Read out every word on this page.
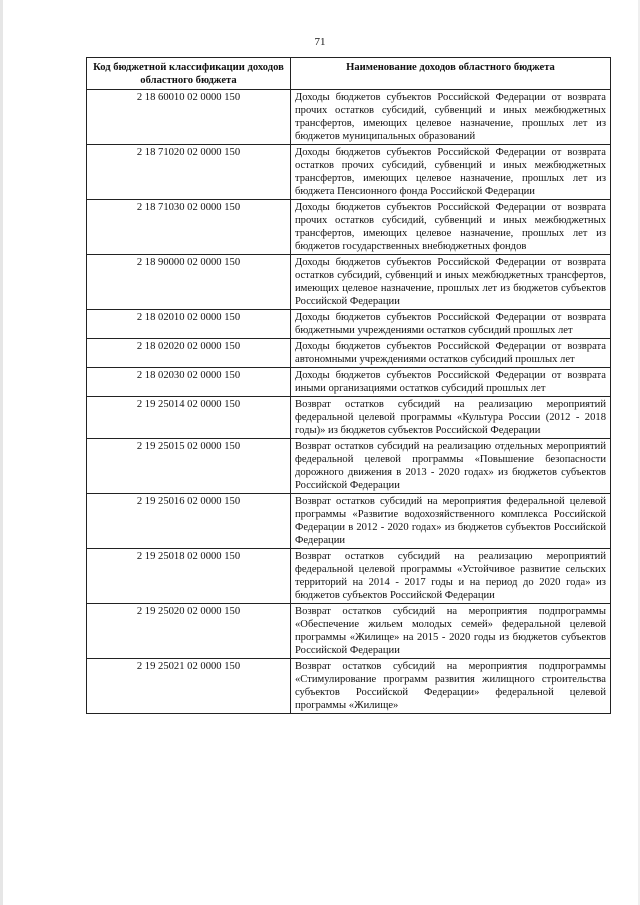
71
Код бюджетной классификации доходов областного бюджета	Наименование доходов областного бюджета
2 18 60010 02 0000 150	Доходы бюджетов субъектов Российской Федерации от возврата прочих остатков субсидий, субвенций и иных межбюджетных трансфертов, имеющих целевое назначение, прошлых лет из бюджетов муниципальных образований
2 18 71020 02 0000 150	Доходы бюджетов субъектов Российской Федерации от возврата остатков прочих субсидий, субвенций и иных межбюджетных трансфертов, имеющих целевое назначение, прошлых лет из бюджета Пенсионного фонда Российской Федерации
2 18 71030 02 0000 150	Доходы бюджетов субъектов Российской Федерации от возврата прочих остатков субсидий, субвенций и иных межбюджетных трансфертов, имеющих целевое назначение, прошлых лет из бюджетов государственных внебюджетных фондов
2 18 90000 02 0000 150	Доходы бюджетов субъектов Российской Федерации от возврата остатков субсидий, субвенций и иных межбюджетных трансфертов, имеющих целевое назначение, прошлых лет из бюджетов субъектов Российской Федерации
2 18 02010 02 0000 150	Доходы бюджетов субъектов Российской Федерации от возврата бюджетными учреждениями остатков субсидий прошлых лет
2 18 02020 02 0000 150	Доходы бюджетов субъектов Российской Федерации от возврата автономными учреждениями остатков субсидий прошлых лет
2 18 02030 02 0000 150	Доходы бюджетов субъектов Российской Федерации от возврата иными организациями остатков субсидий прошлых лет
2 19 25014 02 0000 150	Возврат остатков субсидий на реализацию мероприятий федеральной целевой программы «Культура России (2012 - 2018 годы)» из бюджетов субъектов Российской Федерации
2 19 25015 02 0000 150	Возврат остатков субсидий на реализацию отдельных мероприятий федеральной целевой программы «Повышение безопасности дорожного движения в 2013 - 2020 годах» из бюджетов субъектов Российской Федерации
2 19 25016 02 0000 150	Возврат остатков субсидий на мероприятия федеральной целевой программы «Развитие водохозяйственного комплекса Российской Федерации в 2012 - 2020 годах» из бюджетов субъектов Российской Федерации
2 19 25018 02 0000 150	Возврат остатков субсидий на реализацию мероприятий федеральной целевой программы «Устойчивое развитие сельских территорий на 2014 - 2017 годы и на период до 2020 года» из бюджетов субъектов Российской Федерации
2 19 25020 02 0000 150	Возврат остатков субсидий на мероприятия подпрограммы «Обеспечение жильем молодых семей» федеральной целевой программы «Жилище» на 2015 - 2020 годы из бюджетов субъектов Российской Федерации
2 19 25021 02 0000 150	Возврат остатков субсидий на мероприятия подпрограммы «Стимулирование программ развития жилищного строительства субъектов Российской Федерации» федеральной целевой программы «Жилище»
